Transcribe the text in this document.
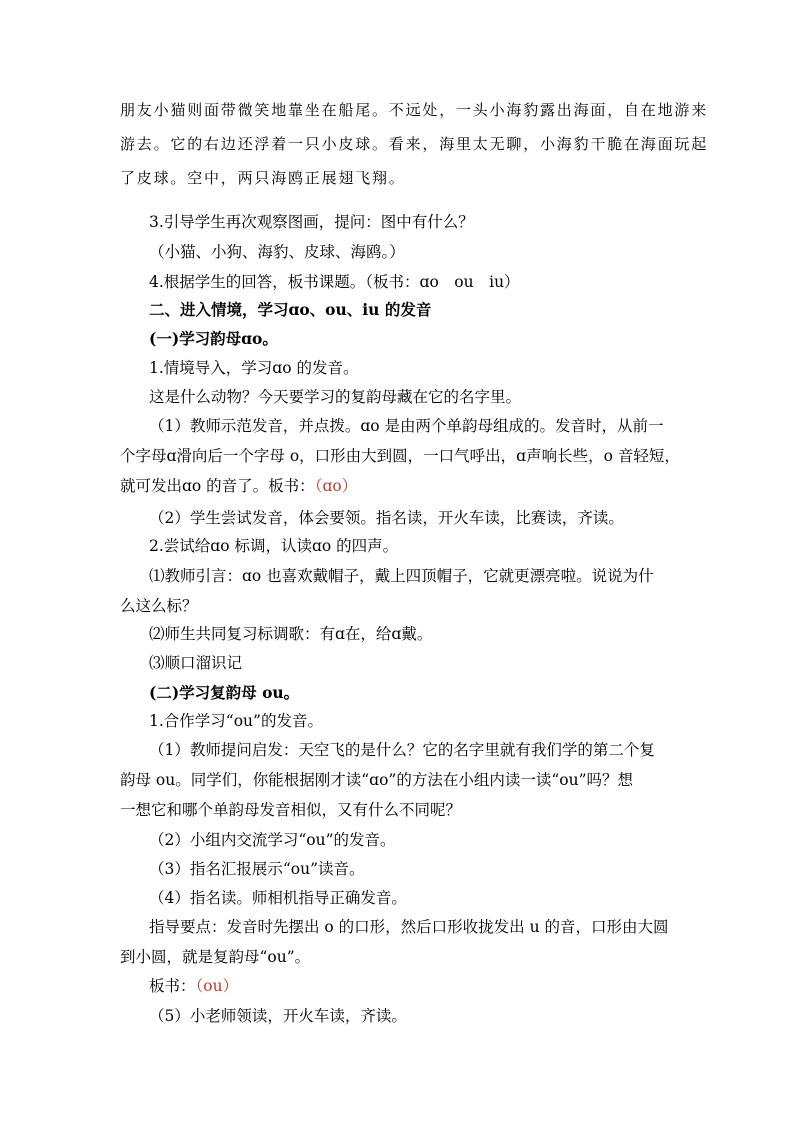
朋友小猫则面带微笑地靠坐在船尾。不远处，一头小海豹露出海面，自在地游来
游去。它的右边还浮着一只小皮球。看来，海里太无聊，小海豹干脆在海面玩起
了皮球。空中，两只海鸥正展翅飞翔。
3.引导学生再次观察图画，提问：图中有什么？
（小猫、小狗、海豹、皮球、海鸥。）
4.根据学生的回答，板书课题。（板书：ɑo　ou　iu）
二、进入情境，学习ɑo、ou、iu 的发音
(一)学习韵母ɑo。
1.情境导入，学习ɑo 的发音。
这是什么动物？今天要学习的复韵母藏在它的名字里。
（1）教师示范发音，并点拨。ɑo 是由两个单韵母组成的。发音时，从前一
个字母ɑ滑向后一个字母 o，口形由大到圆，一口气呼出，ɑ声响长些，o 音轻短，
就可发出ɑo 的音了。板书：（ɑo）
（2）学生尝试发音，体会要领。指名读，开火车读，比赛读，齐读。
2.尝试给ɑo 标调，认读ɑo 的四声。
⑴教师引言：ɑo 也喜欢戴帽子，戴上四顶帽子，它就更漂亮啦。说说为什
么这么标？
⑵师生共同复习标调歌：有ɑ在，给ɑ戴。
⑶顺口溜识记
(二)学习复韵母 ou。
1.合作学习“ou”的发音。
（1）教师提问启发：天空飞的是什么？它的名字里就有我们学的第二个复
韵母 ou。同学们，你能根据刚才读“ɑo”的方法在小组内读一读“ou”吗？想
一想它和哪个单韵母发音相似，又有什么不同呢？
（2）小组内交流学习“ou”的发音。
（3）指名汇报展示“ou”读音。
（4）指名读。师相机指导正确发音。
指导要点：发音时先摆出 o 的口形，然后口形收拢发出 u 的音，口形由大圆
到小圆，就是复韵母“ou”。
板书：（ou）
（5）小老师领读，开火车读，齐读。
